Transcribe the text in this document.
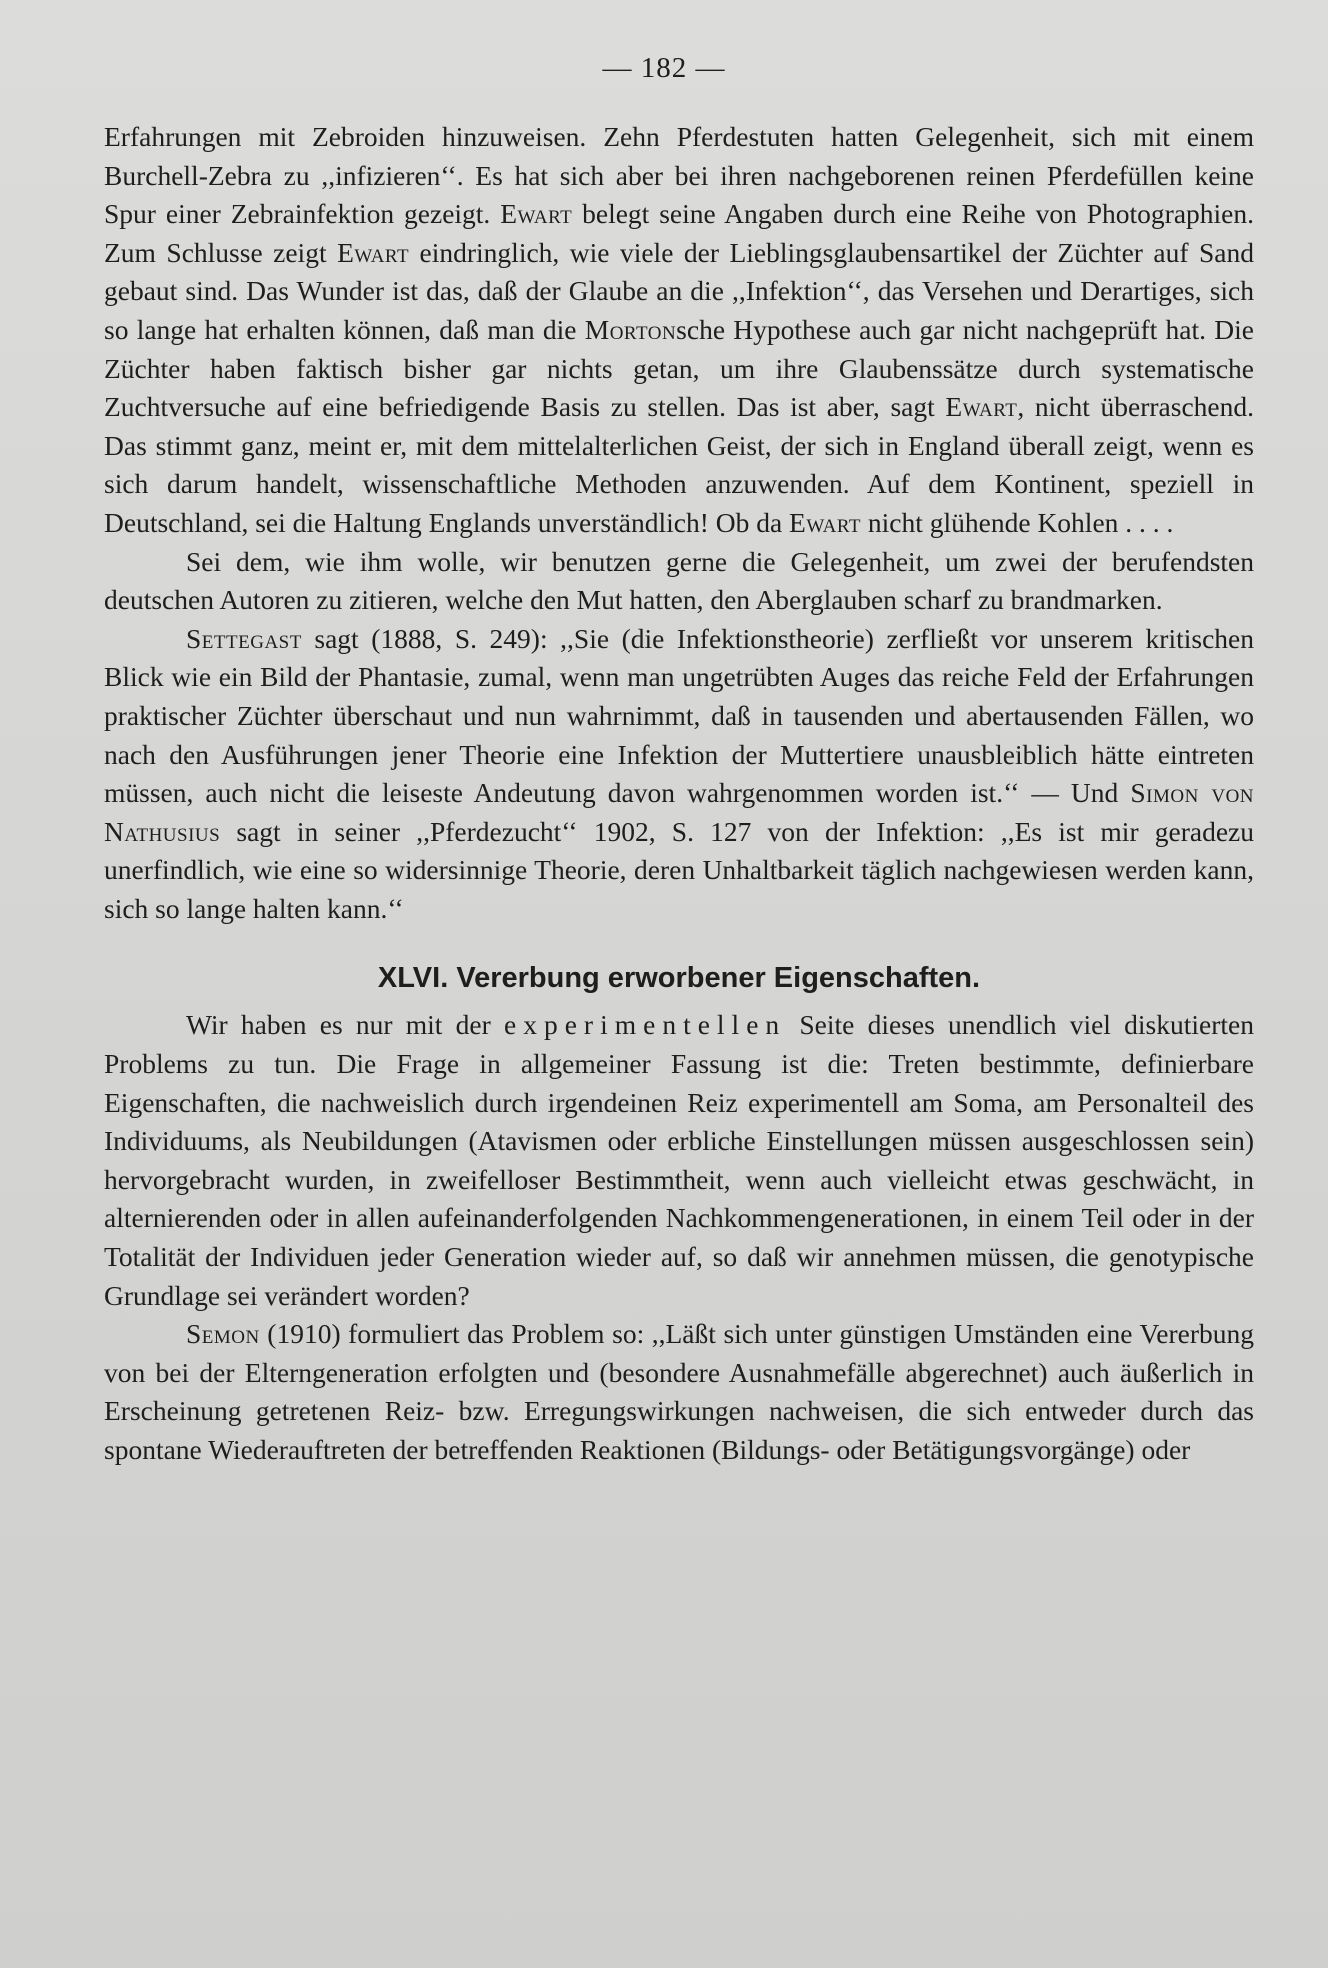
— 182 —

Erfahrungen mit Zebroiden hinzuweisen. Zehn Pferdestuten hatten Gelegenheit, sich mit einem Burchell-Zebra zu ,,infizieren‘‘. Es hat sich aber bei ihren nachgeborenen reinen Pferdefüllen keine Spur einer Zebrainfektion gezeigt. Ewart belegt seine Angaben durch eine Reihe von Photographien. Zum Schlusse zeigt Ewart eindringlich, wie viele der Lieblingsglaubensartikel der Züchter auf Sand gebaut sind. Das Wunder ist das, daß der Glaube an die ,,Infektion‘‘, das Versehen und Derartiges, sich so lange hat erhalten können, daß man die Mortonsche Hypothese auch gar nicht nachgeprüft hat. Die Züchter haben faktisch bisher gar nichts getan, um ihre Glaubenssätze durch systematische Zuchtversuche auf eine befriedigende Basis zu stellen. Das ist aber, sagt Ewart, nicht überraschend. Das stimmt ganz, meint er, mit dem mittelalterlichen Geist, der sich in England überall zeigt, wenn es sich darum handelt, wissenschaftliche Methoden anzuwenden. Auf dem Kontinent, speziell in Deutschland, sei die Haltung Englands unverständlich! Ob da Ewart nicht glühende Kohlen . . . .

Sei dem, wie ihm wolle, wir benutzen gerne die Gelegenheit, um zwei der berufendsten deutschen Autoren zu zitieren, welche den Mut hatten, den Aberglauben scharf zu brandmarken.

Settegast sagt (1888, S. 249): ,,Sie (die Infektionstheorie) zerfließt vor unserem kritischen Blick wie ein Bild der Phantasie, zumal, wenn man ungetrübten Auges das reiche Feld der Erfahrungen praktischer Züchter überschaut und nun wahrnimmt, daß in tausenden und abertausenden Fällen, wo nach den Ausführungen jener Theorie eine Infektion der Muttertiere unausbleiblich hätte eintreten müssen, auch nicht die leiseste Andeutung davon wahrgenommen worden ist.‘‘ — Und Simon von Nathusius sagt in seiner ,,Pferdezucht‘‘ 1902, S. 127 von der Infektion: ,,Es ist mir geradezu unerfindlich, wie eine so widersinnige Theorie, deren Unhaltbarkeit täglich nachgewiesen werden kann, sich so lange halten kann.‘‘

XLVI. Vererbung erworbener Eigenschaften.

Wir haben es nur mit der experimentellen Seite dieses unendlich viel diskutierten Problems zu tun. Die Frage in allgemeiner Fassung ist die: Treten bestimmte, definierbare Eigenschaften, die nachweislich durch irgendeinen Reiz experimentell am Soma, am Personalteil des Individuums, als Neubildungen (Atavismen oder erbliche Einstellungen müssen ausgeschlossen sein) hervorgebracht wurden, in zweifelloser Bestimmtheit, wenn auch vielleicht etwas geschwächt, in alternierenden oder in allen aufeinanderfolgenden Nachkommengenerationen, in einem Teil oder in der Totalität der Individuen jeder Generation wieder auf, so daß wir annehmen müssen, die genotypische Grundlage sei verändert worden?

Semon (1910) formuliert das Problem so: ,,Läßt sich unter günstigen Umständen eine Vererbung von bei der Elterngeneration erfolgten und (besondere Ausnahmefälle abgerechnet) auch äußerlich in Erscheinung getretenen Reiz- bzw. Erregungswirkungen nachweisen, die sich entweder durch das spontane Wiederauftreten der betreffenden Reaktionen (Bildungs- oder Betätigungsvorgänge) oder
